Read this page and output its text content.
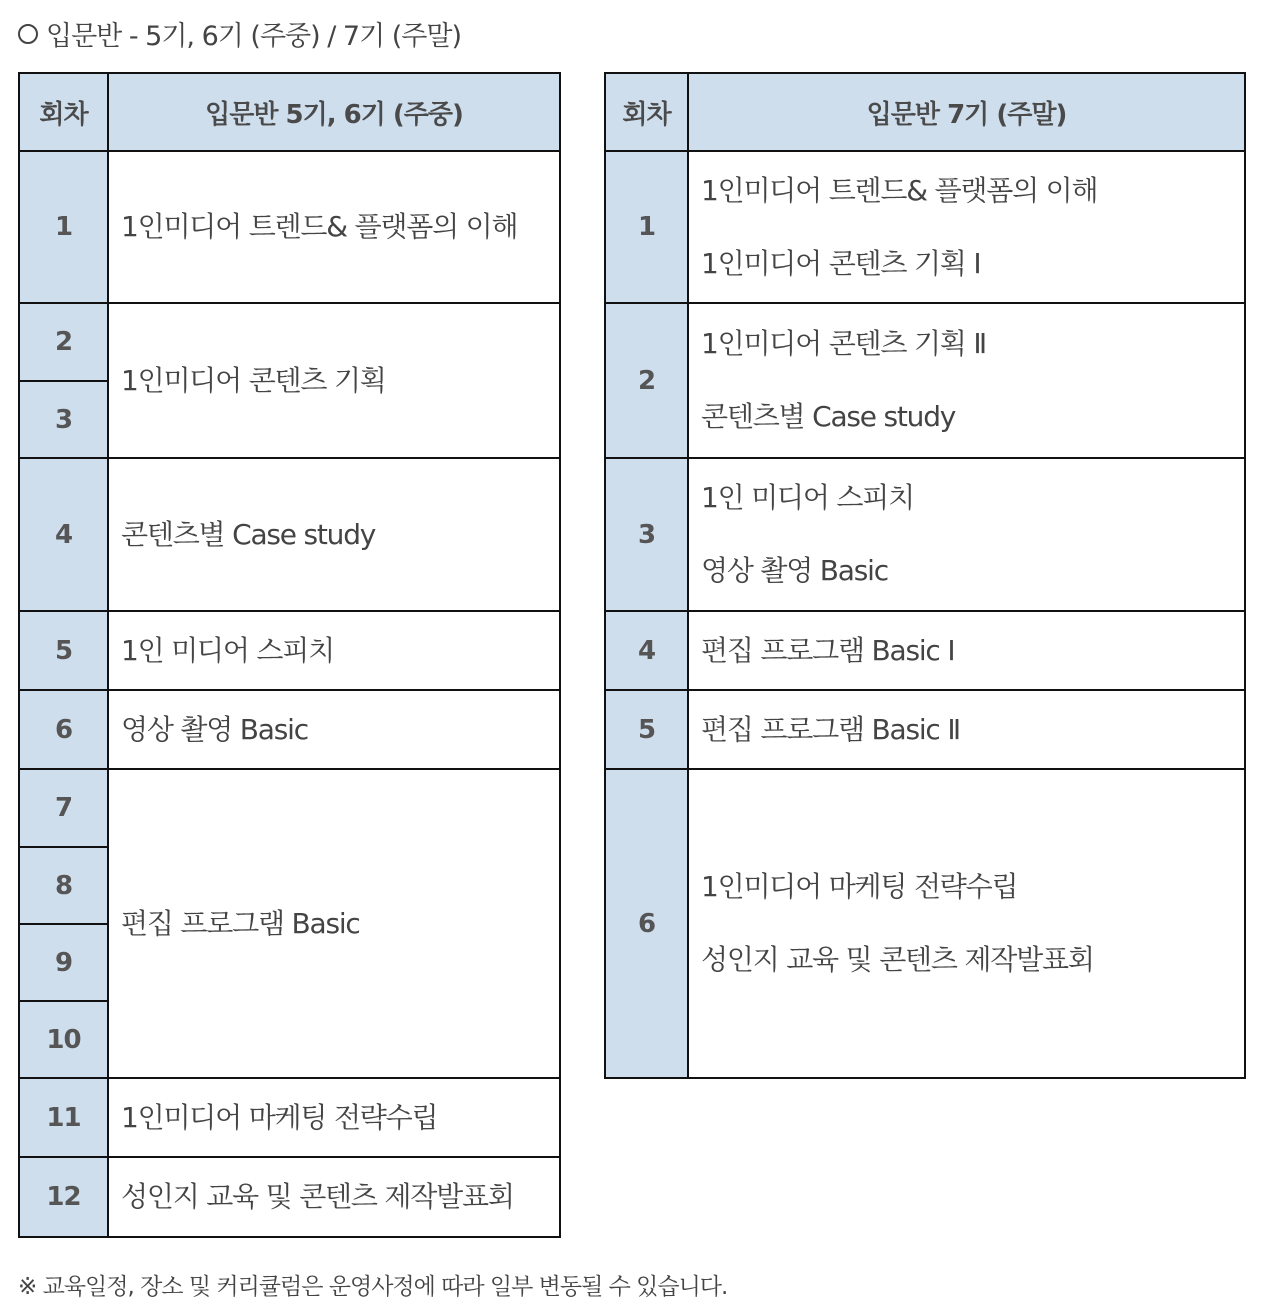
입문반 - 5기, 6기 (주중) / 7기 (주말)
회차	입문반 5기, 6기 (주중)
1	1인미디어 트렌드& 플랫폼의 이해

2	1인미디어 콘텐츠 기획

3	
4	콘텐츠별 Case study

5	1인 미디어 스피치

6	영상 촬영 Basic

7	편집 프로그램 Basic

8	
9	
10	
11	1인미디어 마케팅 전략수립

12	성인지 교육 및 콘텐츠 제작발표회
회차	입문반 7기 (주말)
1	1인미디어 트렌드& 플랫폼의 이해
1인미디어 콘텐츠 기획 Ⅰ

2	1인미디어 콘텐츠 기획 Ⅱ
콘텐츠별 Case study

3	1인 미디어 스피치
영상 촬영 Basic

4	편집 프로그램 Basic Ⅰ

5	편집 프로그램 Basic Ⅱ

6	1인미디어 마케팅 전략수립
성인지 교육 및 콘텐츠 제작발표회
※ 교육일정, 장소 및 커리큘럼은 운영사정에 따라 일부 변동될 수 있습니다.
